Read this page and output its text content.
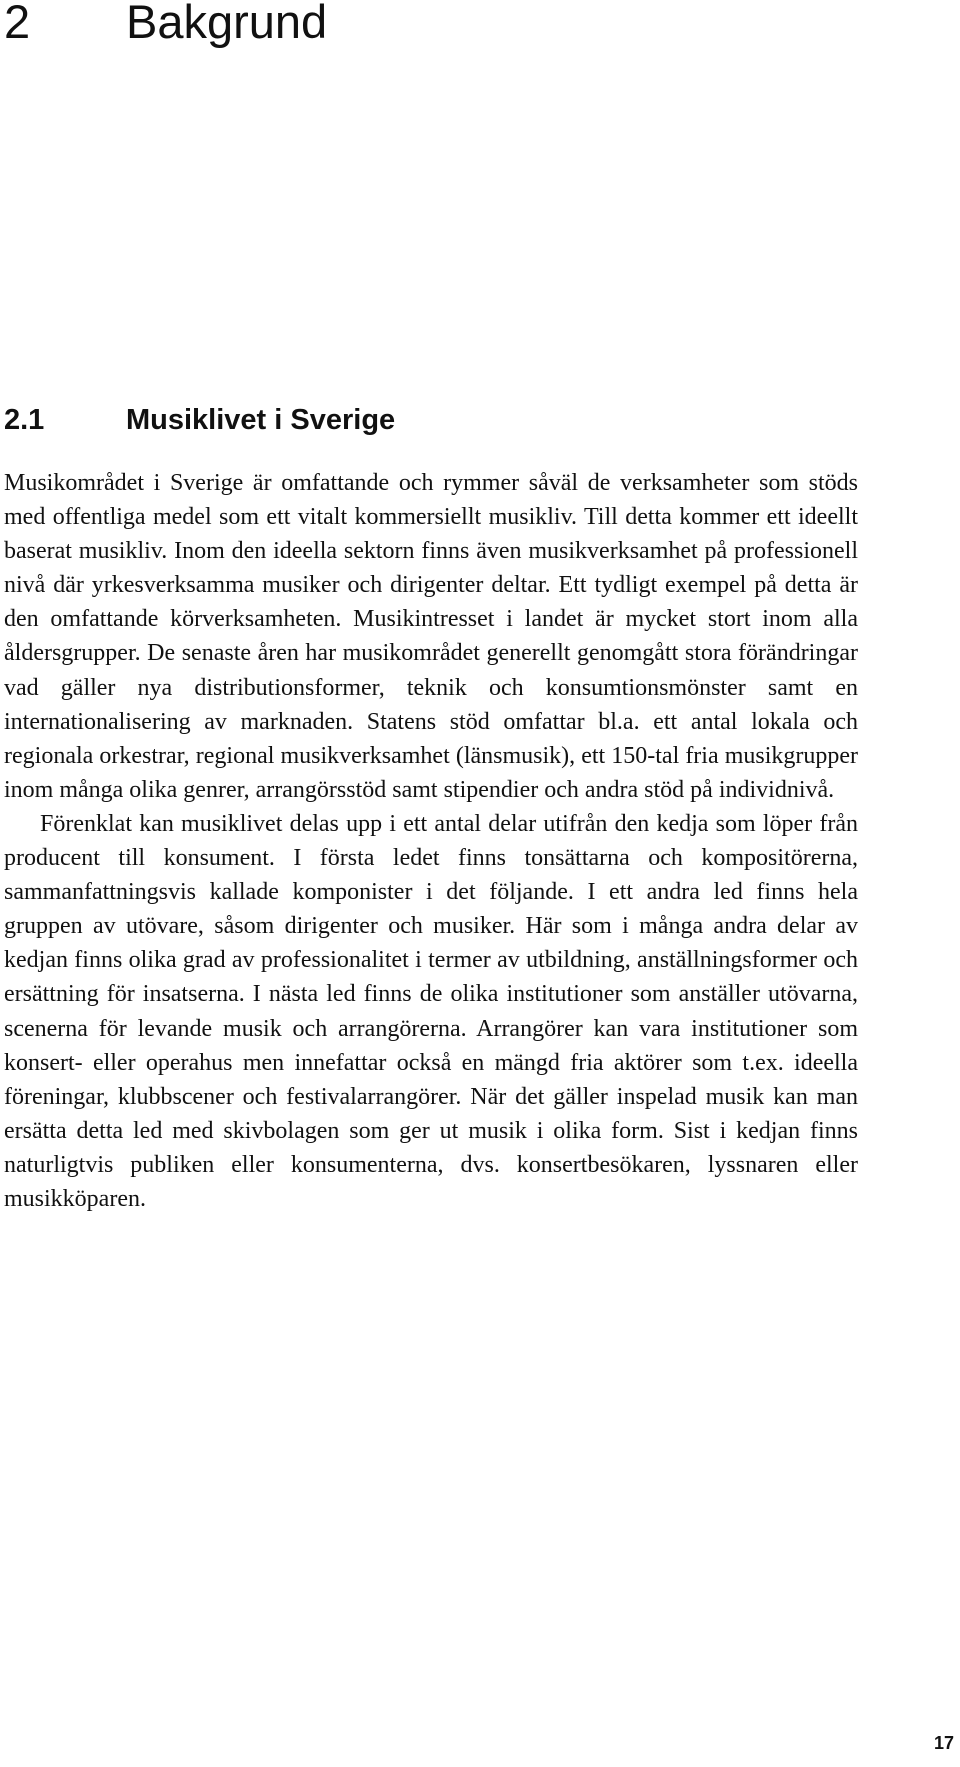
2 Bakgrund
2.1	Musiklivet i Sverige

Musikområdet i Sverige är omfattande och rymmer såväl de verksamheter som stöds med offentliga medel som ett vitalt kommersiellt musikliv. Till detta kommer ett ideellt baserat musikliv. Inom den ideella sektorn finns även musikverksamhet på professionell nivå där yrkesverksamma musiker och dirigenter deltar. Ett tydligt exempel på detta är den omfattande körverksamheten. Musikintresset i landet är mycket stort inom alla åldersgrupper. De senaste åren har musikområdet generellt genomgått stora förändringar vad gäller nya distributionsformer, teknik och konsumtionsmönster samt en internationalisering av marknaden. Statens stöd omfattar bl.a. ett antal lokala och regionala orkestrar, regional musikverksamhet (länsmusik), ett 150-tal fria musikgrupper inom många olika genrer, arrangörsstöd samt stipendier och andra stöd på individnivå.

Förenklat kan musiklivet delas upp i ett antal delar utifrån den kedja som löper från producent till konsument. I första ledet finns tonsättarna och kompositörerna, sammanfattningsvis kallade komponister i det följande. I ett andra led finns hela gruppen av utövare, såsom dirigenter och musiker. Här som i många andra delar av kedjan finns olika grad av professionalitet i termer av utbildning, anställningsformer och ersättning för insatserna. I nästa led finns de olika institutioner som anställer utövarna, scenerna för levande musik och arrangörerna. Arrangörer kan vara institutioner som konsert- eller operahus men innefattar också en mängd fria aktörer som t.ex. ideella föreningar, klubbscener och festivalarrangörer. När det gäller inspelad musik kan man ersätta detta led med skivbolagen som ger ut musik i olika form. Sist i kedjan finns naturligtvis publiken eller konsumenterna, dvs. konsertbesökaren, lyssnaren eller musikköparen.

17
